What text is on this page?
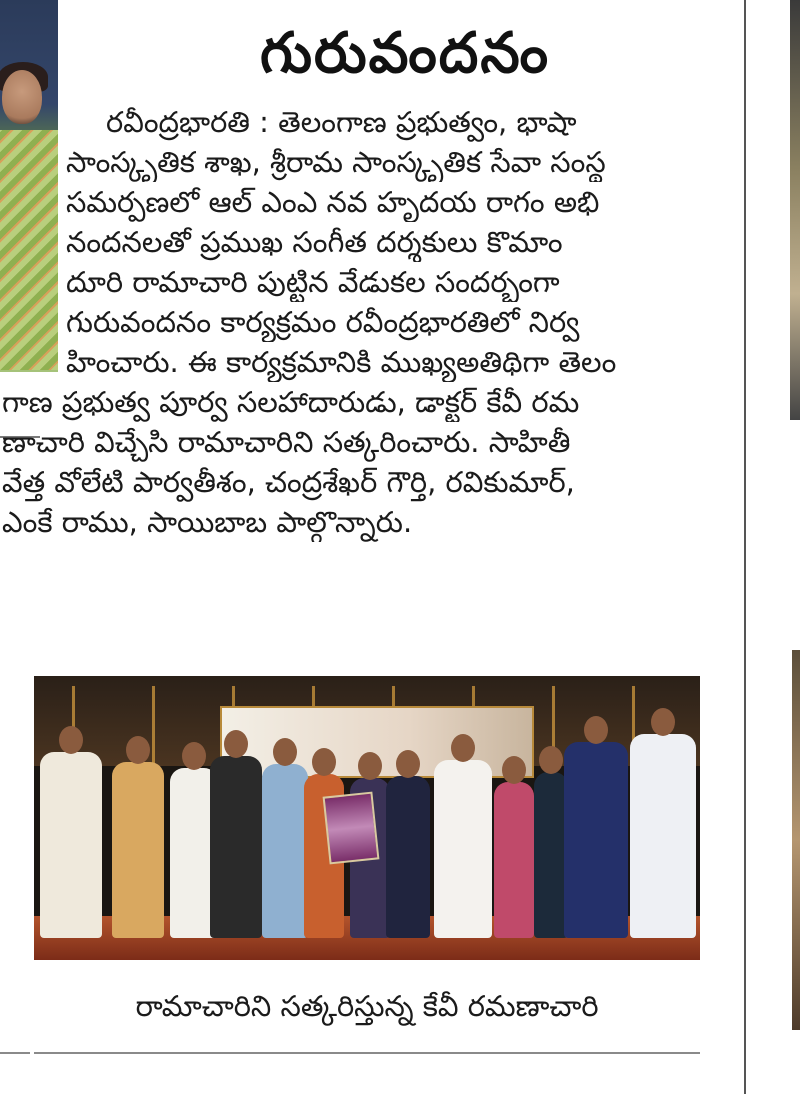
గురువందనం
రవీంద్రభారతి : తెలంగాణ ప్రభుత్వం, భాషా
సాంస్కృతిక శాఖ, శ్రీరామ సాంస్కృతిక సేవా సంస్థ
సమర్పణలో ఆల్ ఎంఎ నవ హృదయ రాగం అభి
నందనలతో ప్రముఖ సంగీత దర్శకులు కొమాం
దూరి రామాచారి పుట్టిన వేడుకల సందర్భంగా
గురువందనం కార్యక్రమం రవీంద్రభారతిలో నిర్వ
హించారు. ఈ కార్యక్రమానికి ముఖ్యఅతిథిగా తెలం
గాణ ప్రభుత్వ పూర్వ సలహాదారుడు, డాక్టర్ కేవీ రమ
ణాచారి విచ్చేసి రామాచారిని సత్కరించారు. సాహితీ
వేత్త వోలేటి పార్వతీశం, చంద్రశేఖర్ గౌర్తి, రవికుమార్,
ఎంకే రాము, సాయిబాబ పాల్గొన్నారు.
రామాచారిని సత్కరిస్తున్న కేవీ రమణాచారి
